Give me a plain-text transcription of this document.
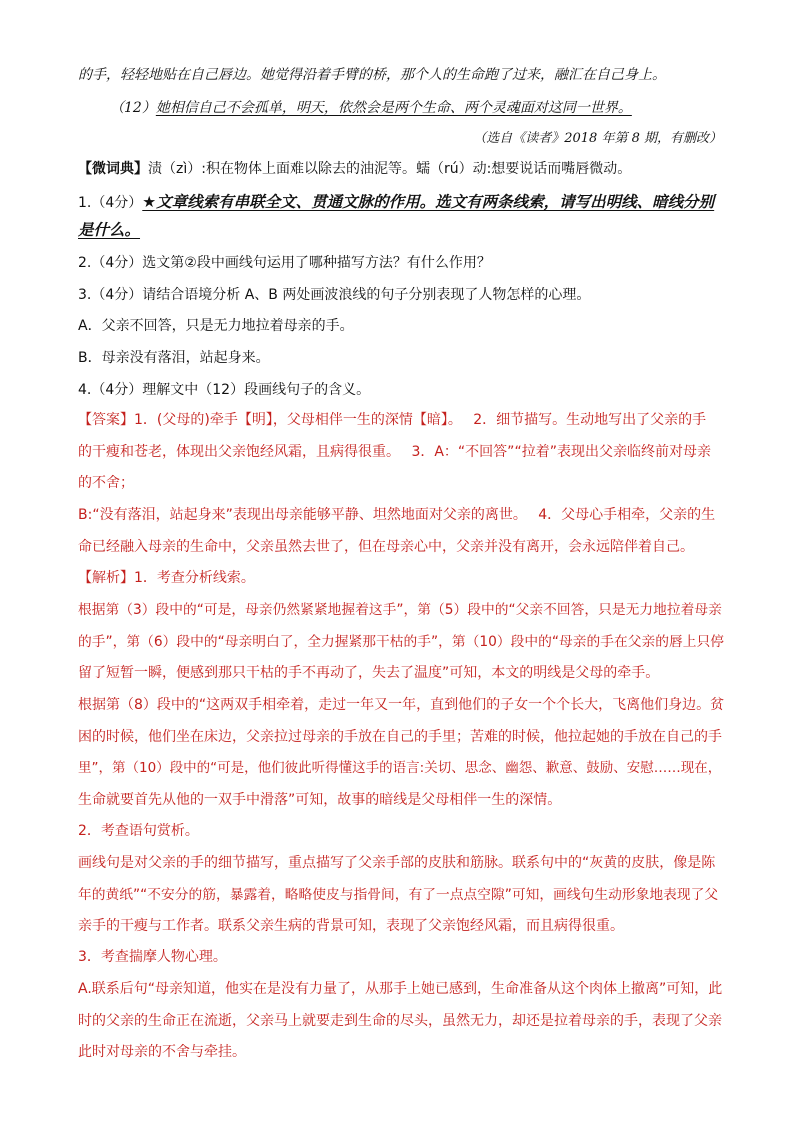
的手，轻轻地贴在自己唇边。她觉得沿着手臂的桥，那个人的生命跑了过来，融汇在自己身上。
（12）她相信自己不会孤单，明天，依然会是两个生命、两个灵魂面对这同一世界。
（选自《读者》2018 年第 8 期，有删改）
【微词典】渍（zì）:积在物体上面难以除去的油泥等。蠕（rú）动:想要说话而嘴唇微动。
1.（4分）★文章线索有串联全文、贯通文脉的作用。选文有两条线索，请写出明线、暗线分别
是什么。
2.（4分）选文第②段中画线句运用了哪种描写方法？有什么作用？
3.（4分）请结合语境分析 A、B 两处画波浪线的句子分别表现了人物怎样的心理。
A．父亲不回答，只是无力地拉着母亲的手。
B．母亲没有落泪，站起身来。
4.（4分）理解文中（12）段画线句子的含义。
【答案】1．(父母的)牵手【明】，父母相伴一生的深情【暗】。　 2．细节描写。生动地写出了父亲的手
的干瘦和苍老，体现出父亲饱经风霜，且病得很重。　 3．A：“不回答”“拉着”表现出父亲临终前对母亲
的不舍；
B:“没有落泪，站起身来”表现出母亲能够平静、坦然地面对父亲的离世。　 4．父母心手相牵，父亲的生
命已经融入母亲的生命中，父亲虽然去世了，但在母亲心中，父亲并没有离开，会永远陪伴着自己。
【解析】1．考查分析线索。
根据第（3）段中的“可是，母亲仍然紧紧地握着这手”，第（5）段中的“父亲不回答，只是无力地拉着母亲
的手”，第（6）段中的“母亲明白了，全力握紧那干枯的手”，第（10）段中的“母亲的手在父亲的唇上只停
留了短暂一瞬，便感到那只干枯的手不再动了，失去了温度”可知，本文的明线是父母的牵手。
根据第（8）段中的“这两双手相牵着，走过一年又一年，直到他们的子女一个个长大，飞离他们身边。贫
困的时候，他们坐在床边，父亲拉过母亲的手放在自己的手里；苦难的时候，他拉起她的手放在自己的手
里”，第（10）段中的“可是，他们彼此听得懂这手的语言:关切、思念、幽怨、歉意、鼓励、安慰……现在，
生命就要首先从他的一双手中滑落”可知，故事的暗线是父母相伴一生的深情。
2．考查语句赏析。
画线句是对父亲的手的细节描写，重点描写了父亲手部的皮肤和筋脉。联系句中的“灰黄的皮肤，像是陈
年的黄纸”“不安分的筋，暴露着，略略使皮与指骨间，有了一点点空隙”可知，画线句生动形象地表现了父
亲手的干瘦与工作者。联系父亲生病的背景可知，表现了父亲饱经风霜，而且病得很重。
3．考查揣摩人物心理。
A.联系后句“母亲知道，他实在是没有力量了，从那手上她已感到，生命准备从这个肉体上撤离”可知，此
时的父亲的生命正在流逝，父亲马上就要走到生命的尽头，虽然无力，却还是拉着母亲的手，表现了父亲
此时对母亲的不舍与牵挂。
